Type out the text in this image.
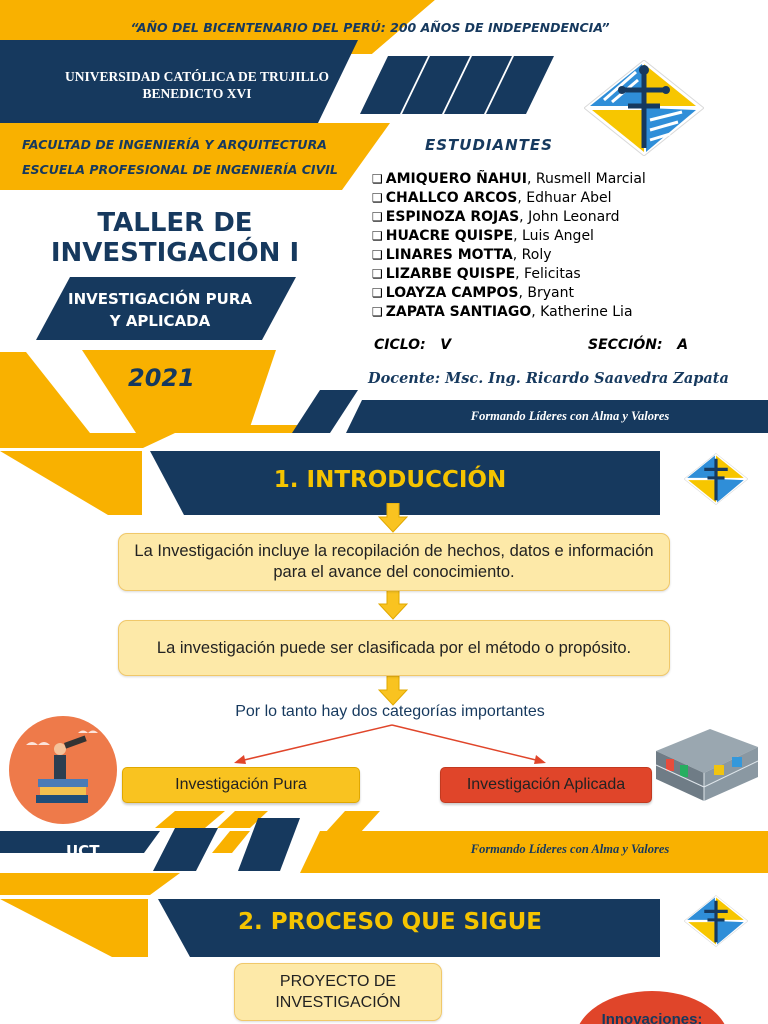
“AÑO DEL BICENTENARIO DEL PERÚ: 200 AÑOS DE INDEPENDENCIA”
UNIVERSIDAD CATÓLICA DE TRUJILLO
BENEDICTO XVI
FACULTAD DE INGENIERÍA Y ARQUITECTURA
ESCUELA PROFESIONAL DE INGENIERÍA CIVIL
TALLER DE
INVESTIGACIÓN I
INVESTIGACIÓN PURA
Y APLICADA
2021
ESTUDIANTES
❑ AMIQUERO ÑAHUI, Rusmell Marcial
❑ CHALLCO ARCOS, Edhuar Abel
❑ ESPINOZA ROJAS, John Leonard
❑ HUACRE QUISPE, Luis Angel
❑ LINARES MOTTA, Roly
❑ LIZARBE QUISPE, Felicitas
❑ LOAYZA CAMPOS, Bryant
❑ ZAPATA SANTIAGO, Katherine Lia
CICLO:   V	SECCIÓN:   A
Docente: Msc. Ing. Ricardo Saavedra Zapata
Formando Líderes con Alma y Valores
1. INTRODUCCIÓN
La Investigación incluye la recopilación de hechos, datos e información para el avance del conocimiento.
La investigación puede ser clasificada por el método o propósito.
Por lo tanto hay dos categorías importantes
Investigación Pura	Investigación Aplicada
UCT	Formando Líderes con Alma y Valores
2. PROCESO QUE SIGUE
PROYECTO DE
INVESTIGACIÓN
Innovaciones:
